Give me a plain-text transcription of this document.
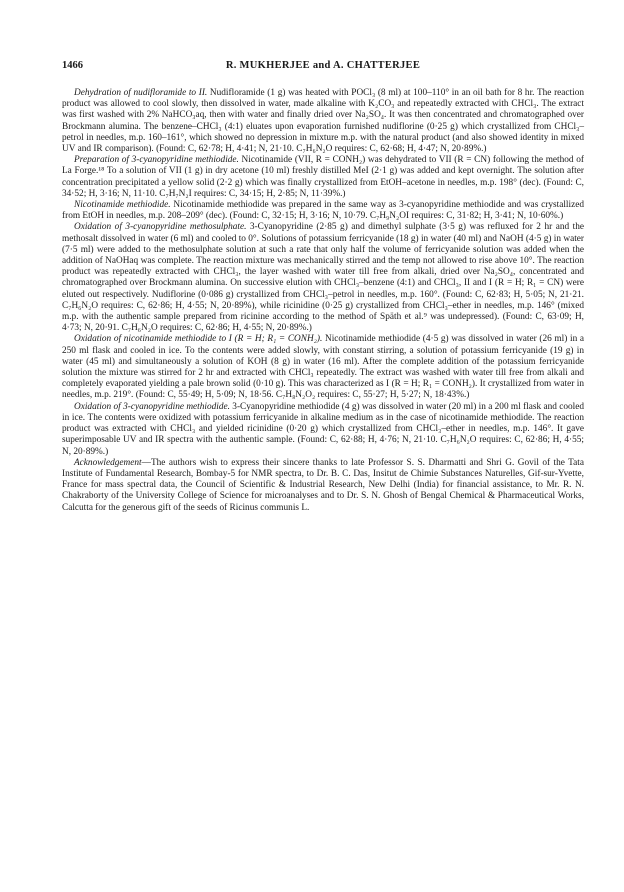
1466	R. MUKHERJEE and A. CHATTERJEE

Dehydration of nudifloramide to II. Nudifloramide (1 g) was heated with POCl₃ (8 ml) at 100–110° in an oil bath for 8 hr. The reaction product was allowed to cool slowly, then dissolved in water, made alkaline with K₂CO₃ and repeatedly extracted with CHCl₃. The extract was first washed with 2% NaHCO₃aq, then with water and finally dried over Na₂SO₄. It was then concentrated and chromatographed over Brockmann alumina. The benzene–CHCl₃ (4:1) eluates upon evaporation furnished nudiflorine (0·25 g) which crystallized from CHCl₃–petrol in needles, m.p. 160–161°, which showed no depression in mixture m.p. with the natural product (and also showed identity in mixed UV and IR comparison). (Found: C, 62·78; H, 4·41; N, 21·10. C₇H₆N₂O requires: C, 62·68; H, 4·47; N, 20·89%.)

Preparation of 3-cyanopyridine methiodide. Nicotinamide (VII, R = CONH₂) was dehydrated to VII (R = CN) following the method of La Forge.¹⁸ To a solution of VII (1 g) in dry acetone (10 ml) freshly distilled MeI (2·1 g) was added and kept overnight. The solution after concentration precipitated a yellow solid (2·2 g) which was finally crystallized from EtOH–acetone in needles, m.p. 198° (dec). (Found: C, 34·52; H, 3·16; N, 11·10. C₇H₇N₂I requires: C, 34·15; H, 2·85; N, 11·39%.)

Nicotinamide methiodide. Nicotinamide methiodide was prepared in the same way as 3-cyanopyridine methiodide and was crystallized from EtOH in needles, m.p. 208–209° (dec). (Found: C, 32·15; H, 3·16; N, 10·79. C₇H₉N₂OI requires: C, 31·82; H, 3·41; N, 10·60%.)

Oxidation of 3-cyanopyridine methosulphate. 3-Cyanopyridine (2·85 g) and dimethyl sulphate (3·5 g) was refluxed for 2 hr and the methosalt dissolved in water (6 ml) and cooled to 0°. Solutions of potassium ferricyanide (18 g) in water (40 ml) and NaOH (4·5 g) in water (7·5 ml) were added to the methosulphate solution at such a rate that only half the volume of ferricyanide solution was added when the addition of NaOHaq was complete. The reaction mixture was mechanically stirred and the temp not allowed to rise above 10°. The reaction product was repeatedly extracted with CHCl₃, the layer washed with water till free from alkali, dried over Na₂SO₄, concentrated and chromatographed over Brockmann alumina. On successive elution with CHCl₃–benzene (4:1) and CHCl₃, II and I (R = H; R₁ = CN) were eluted out respectively. Nudiflorine (0·086 g) crystallized from CHCl₃–petrol in needles, m.p. 160°. (Found: C, 62·83; H, 5·05; N, 21·21. C₇H₆N₂O requires: C, 62·86; H, 4·55; N, 20·89%), while ricinidine (0·25 g) crystallized from CHCl₃–ether in needles, m.p. 146° (mixed m.p. with the authentic sample prepared from ricinine according to the method of Späth et al.⁹ was undepressed). (Found: C, 63·09; H, 4·73; N, 20·91. C₇H₆N₂O requires: C, 62·86; H, 4·55; N, 20·89%.)

Oxidation of nicotinamide methiodide to I (R = H; R₁ = CONH₂). Nicotinamide methiodide (4·5 g) was dissolved in water (26 ml) in a 250 ml flask and cooled in ice. To the contents were added slowly, with constant stirring, a solution of potassium ferricyanide (19 g) in water (45 ml) and simultaneously a solution of KOH (8 g) in water (16 ml). After the complete addition of the potassium ferricyanide solution the mixture was stirred for 2 hr and extracted with CHCl₃ repeatedly. The extract was washed with water till free from alkali and completely evaporated yielding a pale brown solid (0·10 g). This was characterized as I (R = H; R₁ = CONH₂). It crystallized from water in needles, m.p. 219°. (Found: C, 55·49; H, 5·09; N, 18·56. C₇H₈N₂O₂ requires: C, 55·27; H, 5·27; N, 18·43%.)

Oxidation of 3-cyanopyridine methiodide. 3-Cyanopyridine methiodide (4 g) was dissolved in water (20 ml) in a 200 ml flask and cooled in ice. The contents were oxidized with potassium ferricyanide in alkaline medium as in the case of nicotinamide methiodide. The reaction product was extracted with CHCl₃ and yielded ricinidine (0·20 g) which crystallized from CHCl₃–ether in needles, m.p. 146°. It gave superimposable UV and IR spectra with the authentic sample. (Found: C, 62·88; H, 4·76; N, 21·10. C₇H₆N₂O requires: C, 62·86; H, 4·55; N, 20·89%.)

Acknowledgement—The authors wish to express their sincere thanks to late Professor S. S. Dharmatti and Shri G. Govil of the Tata Institute of Fundamental Research, Bombay-5 for NMR spectra, to Dr. B. C. Das, Insitut de Chimie Substances Naturelles, Gif-sur-Yvette, France for mass spectral data, the Council of Scientific & Industrial Research, New Delhi (India) for financial assistance, to Mr. R. N. Chakraborty of the University College of Science for microanalyses and to Dr. S. N. Ghosh of Bengal Chemical & Pharmaceutical Works, Calcutta for the generous gift of the seeds of Ricinus communis L.
